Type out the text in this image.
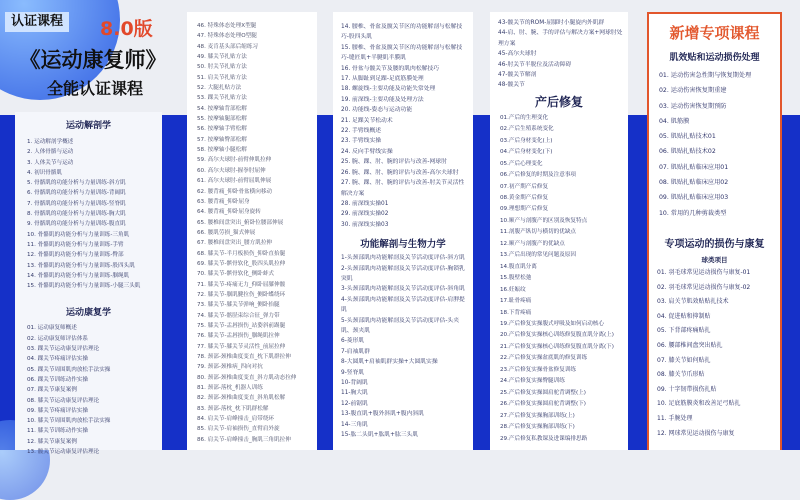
认证课程	8.0版
《运动康复师》
全能认证课程
运动解剖学
1. 运动解剖学概述
2. 人体骨骼与运动
3. 人体关节与运动
4. 初识骨骼肌
5. 骨骼肌的功能分析与力量训练-斜方肌
6. 骨骼肌的功能分析与力量训练-背阔肌
7. 骨骼肌的功能分析与力量训练-竖脊肌
8. 骨骼肌的功能分析与力量训练-胸大肌
9. 骨骼肌的功能分析与力量训练-腹直肌
10. 骨骼肌的功能分析与力量训练-三角肌
11. 骨骼肌的功能分析与力量训练-手臂
12. 骨骼肌的功能分析与力量训练-臀部
13. 骨骼肌的功能分析与力量训练-股四头肌
14. 骨骼肌的功能分析与力量训练-腘绳肌
15. 骨骼肌的功能分析与力量训练-小腿三头肌
运动康复学
01. 运动康复师概述
02. 运动康复师评估体系
03. 踝关节运动康复评估理论
04. 踝关节疼痛评估实操
05. 踝关节周围肌肉放松手法实操
06. 踝关节训练动作实操
07. 踝关节康复案例
08. 膝关节运动康复评估理论
09. 膝关节疼痛评估实操
10. 膝关节周围肌肉放松手法实操
11. 膝关节训练动作实操
12. 膝关节康复案例
13. 髋关节运动康复评估理论
46. 特殊体态处理X型腿
47. 特殊体态处理O型腿
48. 麦肯基头部后缩练习
49. 膝关节扎贴方法
50. 肘关节扎贴方法
51. 肩关节扎贴方法
52. 大腿扎贴方法
53. 踝关节扎贴方法
54. 按摩轴背部松解
55. 按摩轴腿部松解
56. 按摩轴手臂松解
57. 按摩轴臀部松解
58. 按摩轴小腿松解
59. 高尔夫球肘-前臂伸肌拉伸
60. 高尔夫球肘-握拳肘屈伸
61. 高尔夫球肘-前臂屈肌伸展
62. 腰背痛_仰卧骨盆横向移动
63. 腰背痛_仰卧屈身
64. 腰背痛_仰卧屈身旋转
65. 腰椎间盘突出_俯卧位腰部伸展
66. 腰肌劳损_猫式伸展
67. 腰椎间盘突出_腰方肌拉伸
68. 膝关节-半月板损伤_仰卧直抬腿
69. 膝关节-髌骨软化_股四头肌拉伸
70. 膝关节-髌骨软化_侧卧蚌式
71. 膝关节-疼痛无力_仰卧屈膝伸髋
72. 膝关节-腘肌腱拉伤_侧卧蝶绕环
73. 膝关节-膝关节弹响_侧卧抬腿
74. 膝关节-髂胫束综合征_弹力带
75. 膝关节-盂唇损伤_站姿斜前踢腿
76. 膝关节-盂唇损伤_腘绳肌拉伸
77. 膝关节-膝关节灵活性_前屈拉伸
78. 颈部-颈椎曲度变直_枕下肌群拉伸
79. 颈部-颈椎病_四向对抗
80. 颈部-颈椎曲度变直_斜方肌动态拉伸
81. 颈部-落枕_机器人训练
82. 颈部-颈椎曲度变直_斜角肌松解
83. 颈部-落枕_枕下肌群松解
84. 肩关节-肩峰撞击_肩带绕环
85. 肩关节-肩袖损伤_直臂肩外旋
86. 肩关节-肩峰撞击_胸肌三角肌拉伸
14. 腰椎、骨盆及髋关节区的功能解剖与松解技巧-股四头肌
15. 腰椎、骨盆及髋关节区的功能解剖与松解技巧-缝匠肌+半腱肌半膜肌
16. 骨盆与髋关节及腰的肌肉松解技巧
17. 从脚趾到足踝-足底筋膜处理
18. 螺旋线-主要功能及功能失常处理
19. 前深线-主要功能及处理方法
20. 功能线-姿态与运动功能
21. 足踝关节松动术
22. 手臂线概述
23. 手臂线实操
24. 反向手臂线实操
25. 腕、踝、肘、腕的评估与改善-网球肘
26. 腕、踝、肘、腕的评估与改善-高尔夫球肘
27. 腕、踝、肘、腕的评估与改善-肘关节灵活性解决方案
28. 前深线实操01
29. 前深线实操02
30. 前深线实操03
功能解剖与生物力学
1-头颈部肌肉功能解剖及关节活动度评估-斜方肌
2-头颈部肌肉功能解剖及关节活动度评估-胸锁乳突肌
3-头颈部肌肉功能解剖及关节活动度评估-斜角肌
4-头颈部肌肉功能解剖及关节活动度评估-肩胛提肌
5-头颈部肌肉功能解剖及关节活动度评估-头夹肌、颈夹肌
6-菱形肌
7-肩袖肌群
8-大圆肌+肩袖肌群实操+大圆肌实操
9-竖脊肌
10-背阔肌
11-胸大肌
12-前锯肌
13-腹直肌+腹外斜肌+腹内斜肌
14-三角肌
15-肱二头肌+肱肌+肱三头肌
43-髋关节的ROM-屈膝时小腿旋内外肌群
44-肩、肘、腕、手的评估与解决方案+网球肘处理方案
45-高尔夫球肘
46-肘关节半脱位及活动障碍
47-髋关节解剖
48-髋关节
产后修复
01.产后的生理变化
02.产后生殖系统变化
03.产后身材变化(上)
04.产后身材变化(下)
05.产后心理变化
06.产后修复的时期及注意事项
07.初产期产后修复
08.黄金期产后修复
09.理想期产后修复
10.顺产与剖腹产的区别及恢复特点
11.剖腹产纵切与横切的优缺点
12.顺产与剖腹产的优缺点
13.产后出现的常见问题及原因
14.腹直肌分离
15.腹壁松弛
16.妊娠纹
17.耻骨疼痛
18.下背疼痛
19.产后修复实操腹式呼吸及如何启动核心
20.产后修复实操核心训练修复腹直肌分离(上)
21.产后修复实操核心训练修复腹直肌分离(下)
22.产后修复实操盆底肌的修复训练
23.产后修复实操骨盆修复训练
24.产后修复实操臀腿训练
25.产后修复实操圆肩驼背调整(上)
26.产后修复实操圆肩驼背调整(下)
27.产后修复实操胸部训练(上)
28.产后修复实操胸部训练(下)
29.产后修复私教课及进课编排思路
新增专项课程
肌效贴和运动损伤处理
01. 运动伤害急性期与恢复期处理
02. 运动伤害恢复期重建
03. 运动伤害恢复期预防
04. 肌筋膜
05. 肌贴扎贴技术01
06. 肌贴扎贴技术02
07. 肌贴扎贴临床应用01
08. 肌贴扎贴临床应用02
09. 肌贴扎贴临床应用03
10. 常用的几种剪裁类型
专项运动的损伤与康复
球类项目
01. 羽毛球常见运动损伤与康复-01
02. 羽毛球常见运动损伤与康复-02
03. 肩关节肌效贴贴扎技术
04. 促进贴和抑制贴
05. 下背部疼痛贴扎
06. 腰部椎间盘突出贴扎
07. 膝关节如何贴扎
08. 膝关节爪形贴
09. 十字韧带损伤扎贴
10. 足底筋膜炎和改善足弓贴扎
11. 手腕处理
12. 网球常见运动损伤与康复
